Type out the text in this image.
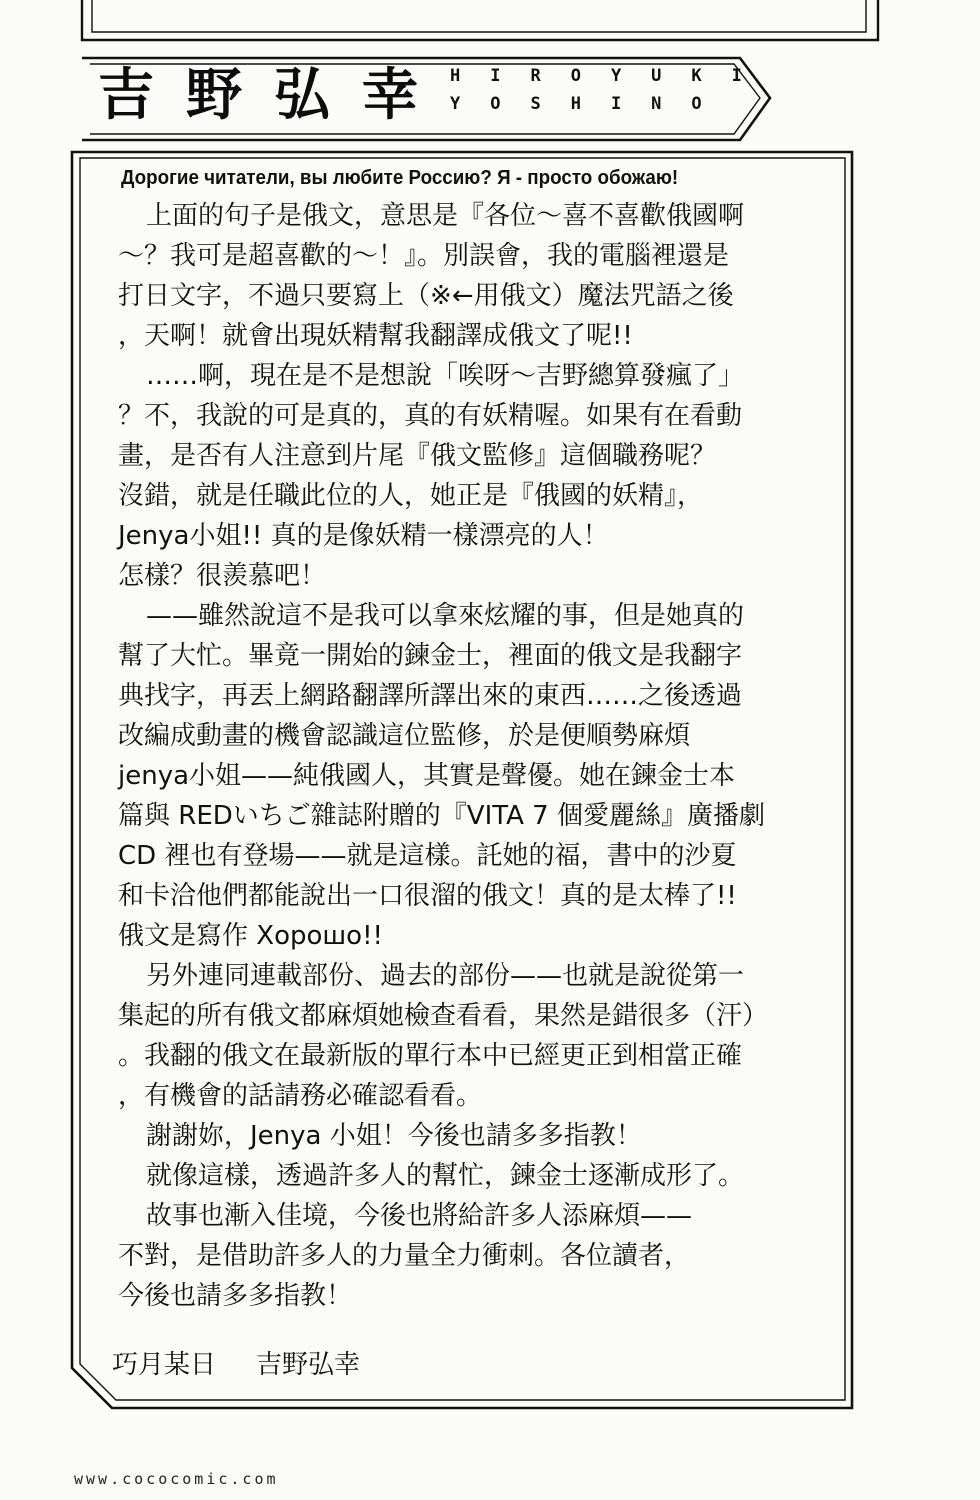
吉野弘幸 HIROYUKI
YOSHINO
Дорогие читатели, вы любите Россию? Я - просто обожаю!
上面的句子是俄文，意思是『各位～喜不喜歡俄國啊
～？我可是超喜歡的～！』。別誤會，我的電腦裡還是
打日文字，不過只要寫上（※←用俄文）魔法咒語之後
，天啊！就會出現妖精幫我翻譯成俄文了呢!!
……啊，現在是不是想說「唉呀～吉野總算發瘋了」
？不，我說的可是真的，真的有妖精喔。如果有在看動
畫，是否有人注意到片尾『俄文監修』這個職務呢？
沒錯，就是任職此位的人，她正是『俄國的妖精』，
Jenya小姐!! 真的是像妖精一樣漂亮的人！
怎樣？很羨慕吧！
——雖然說這不是我可以拿來炫耀的事，但是她真的
幫了大忙。畢竟一開始的鍊金士，裡面的俄文是我翻字
典找字，再丟上網路翻譯所譯出來的東西……之後透過
改編成動畫的機會認識這位監修，於是便順勢麻煩
jenya小姐——純俄國人，其實是聲優。她在鍊金士本
篇與 REDいちご雜誌附贈的『VITA 7 個愛麗絲』廣播劇
CD 裡也有登場——就是這樣。託她的福，書中的沙夏
和卡洽他們都能說出一口很溜的俄文！真的是太棒了!!
俄文是寫作 Хорошо!!
另外連同連載部份、過去的部份——也就是說從第一
集起的所有俄文都麻煩她檢查看看，果然是錯很多（汗）
。我翻的俄文在最新版的單行本中已經更正到相當正確
，有機會的話請務必確認看看。
謝謝妳，Jenya 小姐！今後也請多多指教！
就像這樣，透過許多人的幫忙，鍊金士逐漸成形了。
故事也漸入佳境，今後也將給許多人添麻煩——
不對，是借助許多人的力量全力衝刺。各位讀者，
今後也請多多指教！
巧月某日 吉野弘幸
www.cococomic.com
